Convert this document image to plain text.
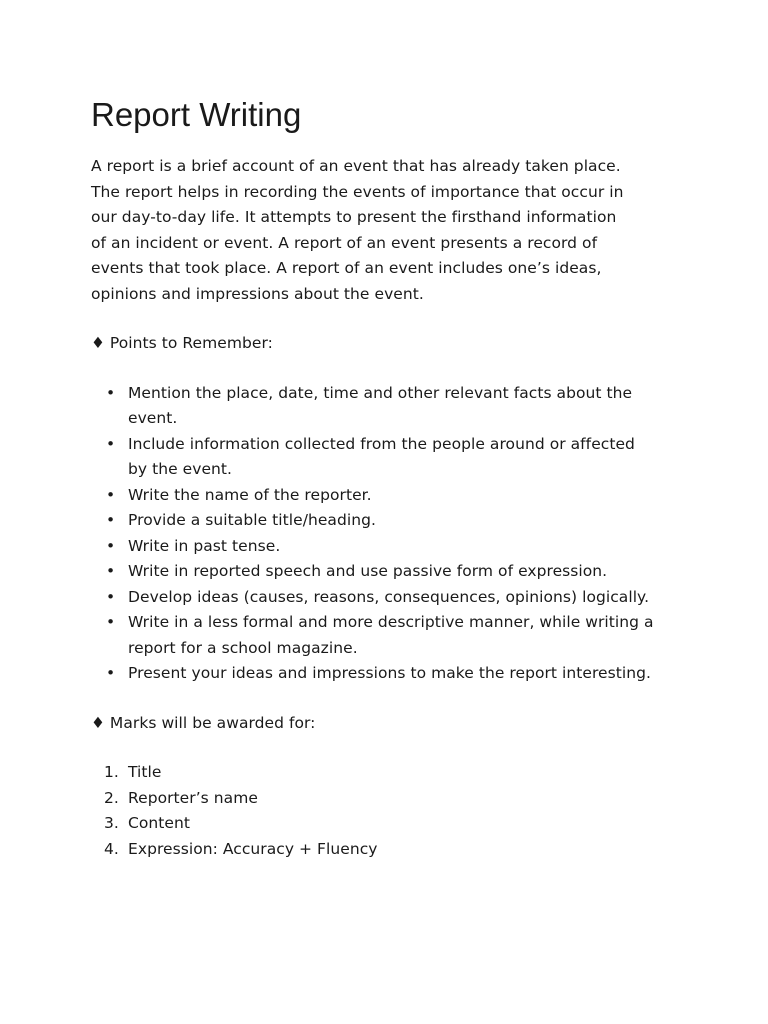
Report Writing
A report is a brief account of an event that has already taken place.
The report helps in recording the events of importance that occur in
our day-to-day life. It attempts to present the firsthand information
of an incident or event. A report of an event presents a record of
events that took place. A report of an event includes one’s ideas,
opinions and impressions about the event.
♦ Points to Remember:
• Mention the place, date, time and other relevant facts about the
event.
• Include information collected from the people around or affected
by the event.
• Write the name of the reporter.
• Provide a suitable title/heading.
• Write in past tense.
• Write in reported speech and use passive form of expression.
• Develop ideas (causes, reasons, consequences, opinions) logically.
• Write in a less formal and more descriptive manner, while writing a
report for a school magazine.
• Present your ideas and impressions to make the report interesting.
♦ Marks will be awarded for:
1. Title
2. Reporter’s name
3. Content
4. Expression: Accuracy + Fluency
